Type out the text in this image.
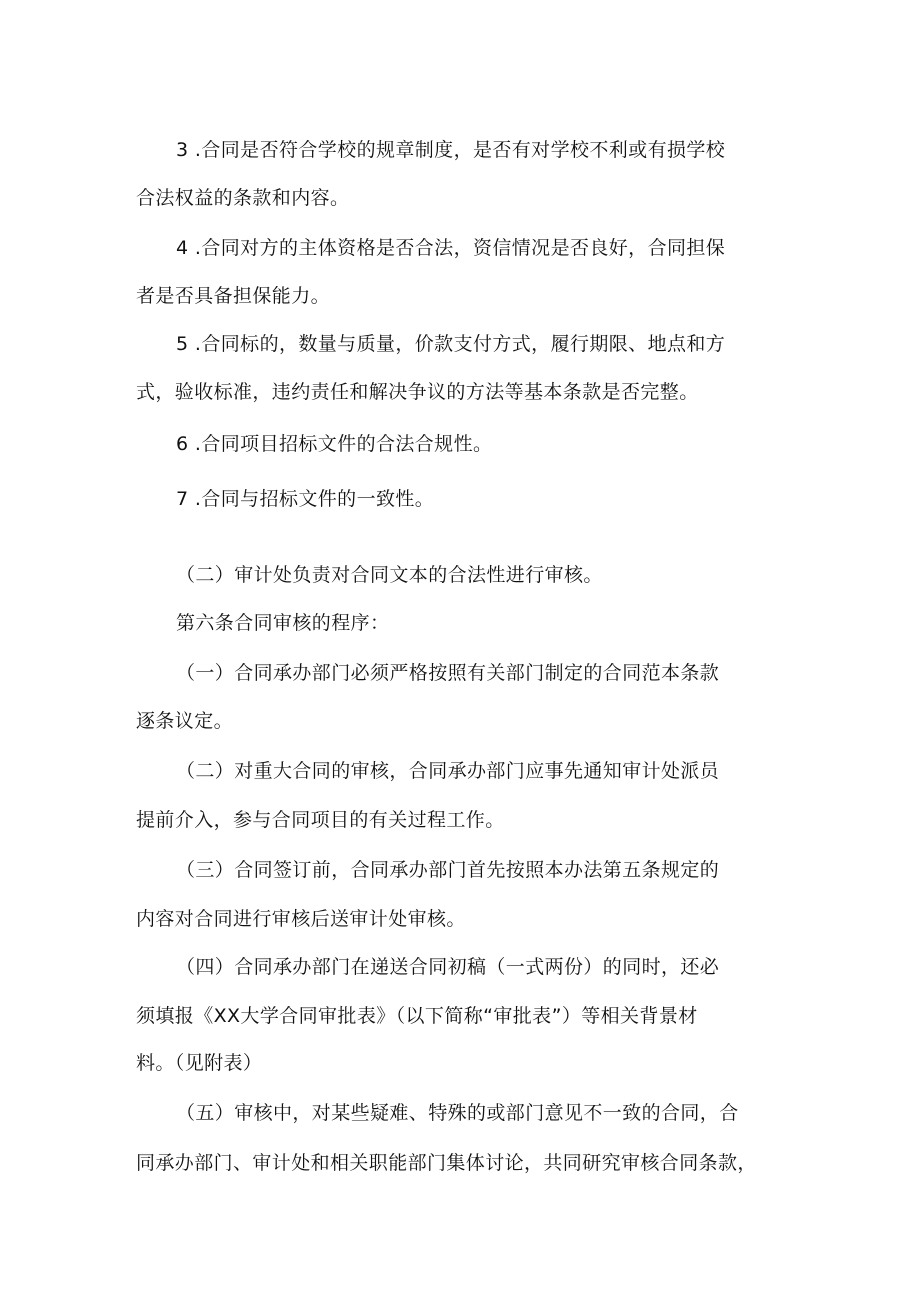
3 .合同是否符合学校的规章制度，是否有对学校不利或有损学校
合法权益的条款和内容。
4 .合同对方的主体资格是否合法，资信情况是否良好，合同担保
者是否具备担保能力。
5 .合同标的，数量与质量，价款支付方式，履行期限、地点和方
式，验收标准，违约责任和解决争议的方法等基本条款是否完整。
6 .合同项目招标文件的合法合规性。
7 .合同与招标文件的一致性。
（二）审计处负责对合同文本的合法性进行审核。
第六条合同审核的程序：
（一）合同承办部门必须严格按照有关部门制定的合同范本条款
逐条议定。
（二）对重大合同的审核，合同承办部门应事先通知审计处派员
提前介入，参与合同项目的有关过程工作。
（三）合同签订前，合同承办部门首先按照本办法第五条规定的
内容对合同进行审核后送审计处审核。
（四）合同承办部门在递送合同初稿（一式两份）的同时，还必
须填报《XX大学合同审批表》（以下简称“审批表”）等相关背景材
料。（见附表）
（五）审核中，对某些疑难、特殊的或部门意见不一致的合同，合
同承办部门、审计处和相关职能部门集体讨论，共同研究审核合同条款，
